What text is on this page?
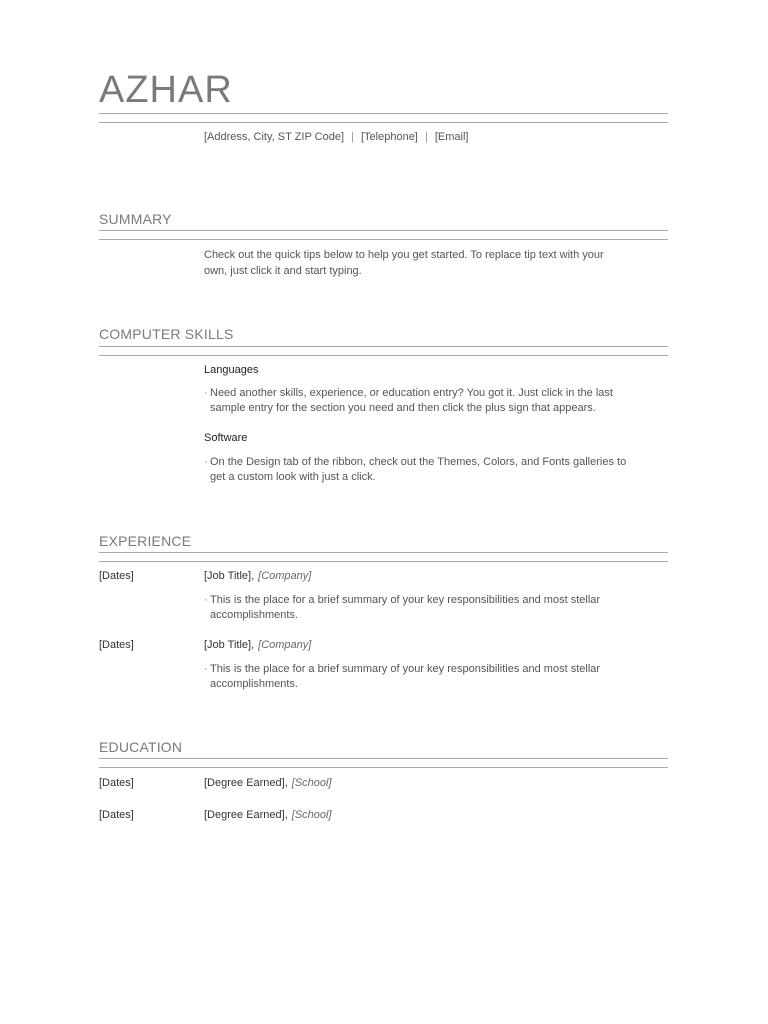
AZHAR
[Address, City, ST ZIP Code] | [Telephone] | [Email]
SUMMARY

Check out the quick tips below to help you get started. To replace tip text with your own, just click it and start typing.

COMPUTER SKILLS
Languages
· Need another skills, experience, or education entry? You got it. Just click in the last sample entry for the section you need and then click the plus sign that appears.
Software
· On the Design tab of the ribbon, check out the Themes, Colors, and Fonts galleries to get a custom look with just a click.
EXPERIENCE
[Dates]	[Job Title], [Company]
· This is the place for a brief summary of your key responsibilities and most stellar accomplishments.
[Dates]	[Job Title], [Company]
· This is the place for a brief summary of your key responsibilities and most stellar accomplishments.
EDUCATION
[Dates]	[Degree Earned], [School]
[Dates]	[Degree Earned], [School]
